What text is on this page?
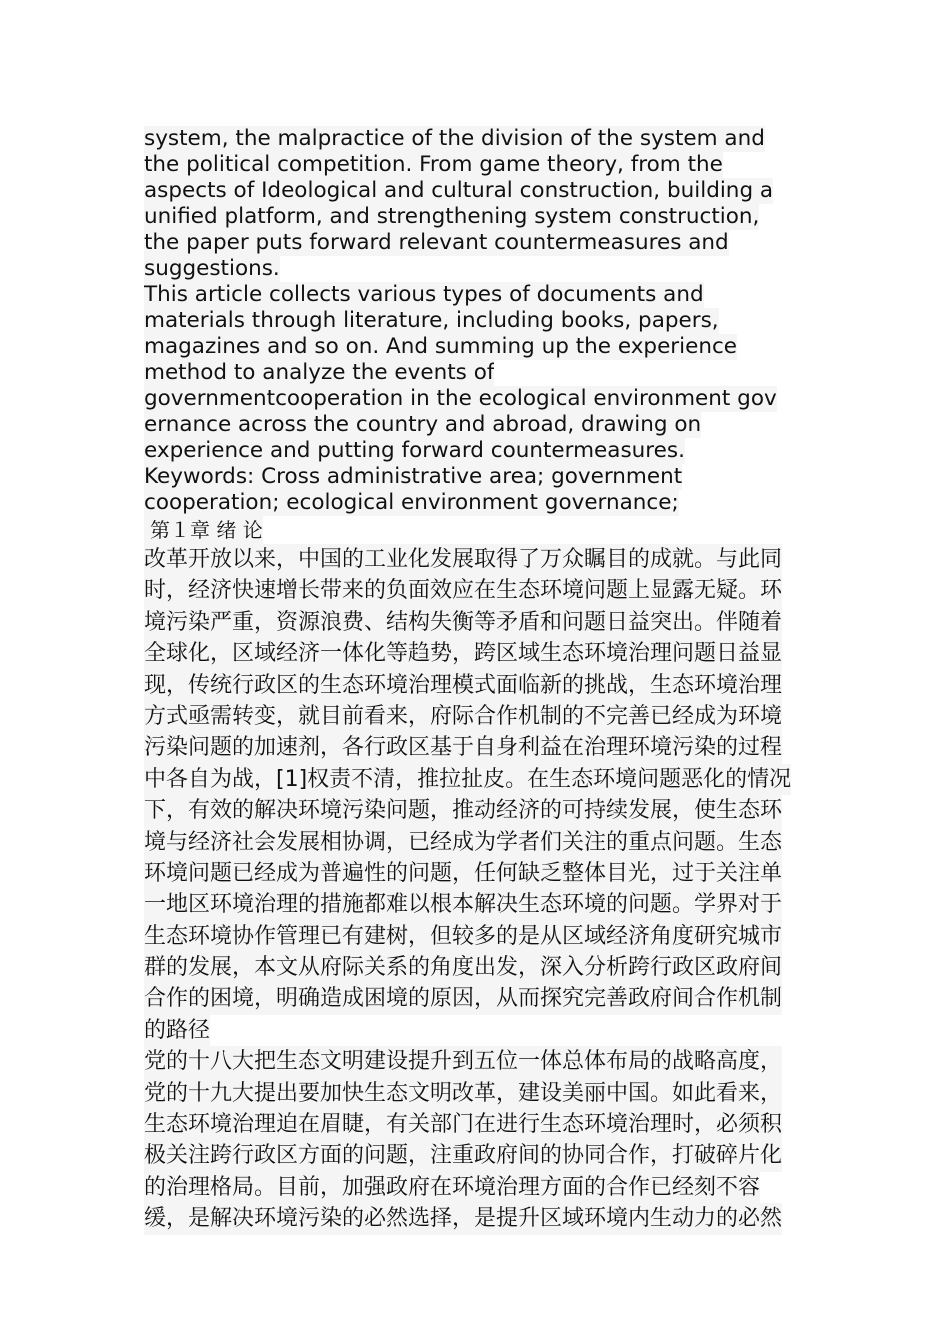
system, the malpractice of the division of the system and
the political competition. From game theory, from the
aspects of Ideological and cultural construction, building a
unified platform, and strengthening system construction,
the paper puts forward relevant countermeasures and
suggestions.
This article collects various types of documents and
materials through literature, including books, papers,
magazines and so on. And summing up the experience
method to analyze the events of
governmentcooperation in the ecological environment gov
ernance across the country and abroad, drawing on
experience and putting forward countermeasures.
Keywords: Cross administrative area; government
cooperation; ecological environment governance;
第１章 绪 论
改革开放以来，中国的工业化发展取得了万众瞩目的成就。与此同
时，经济快速增长带来的负面效应在生态环境问题上显露无疑。环
境污染严重，资源浪费、结构失衡等矛盾和问题日益突出。伴随着
全球化，区域经济一体化等趋势，跨区域生态环境治理问题日益显
现，传统行政区的生态环境治理模式面临新的挑战，生态环境治理
方式亟需转变，就目前看来，府际合作机制的不完善已经成为环境
污染问题的加速剂，各行政区基于自身利益在治理环境污染的过程
中各自为战，[1]权责不清，推拉扯皮。在生态环境问题恶化的情况
下，有效的解决环境污染问题，推动经济的可持续发展，使生态环
境与经济社会发展相协调，已经成为学者们关注的重点问题。生态
环境问题已经成为普遍性的问题，任何缺乏整体目光，过于关注单
一地区环境治理的措施都难以根本解决生态环境的问题。学界对于
生态环境协作管理已有建树，但较多的是从区域经济角度研究城市
群的发展，本文从府际关系的角度出发，深入分析跨行政区政府间
合作的困境，明确造成困境的原因，从而探究完善政府间合作机制
的路径
党的十八大把生态文明建设提升到五位一体总体布局的战略高度，
党的十九大提出要加快生态文明改革，建设美丽中国。如此看来，
生态环境治理迫在眉睫，有关部门在进行生态环境治理时，必须积
极关注跨行政区方面的问题，注重政府间的协同合作，打破碎片化
的治理格局。目前，加强政府在环境治理方面的合作已经刻不容
缓，是解决环境污染的必然选择，是提升区域环境内生动力的必然
